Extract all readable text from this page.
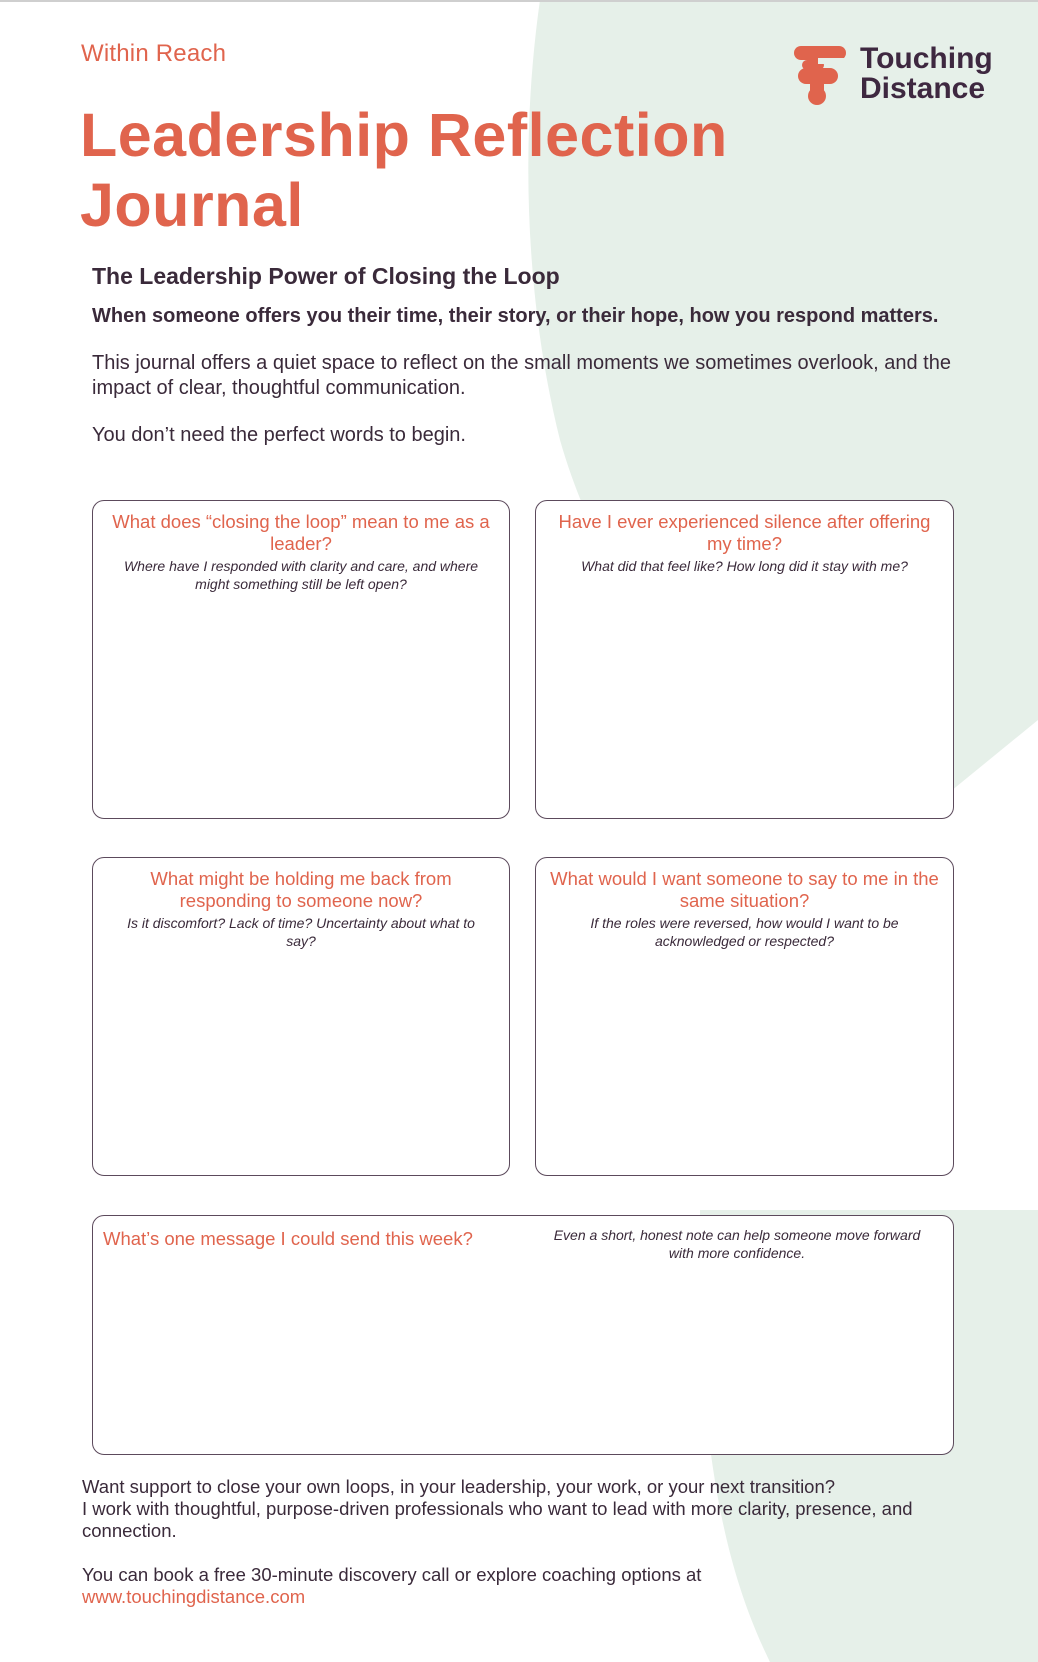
Within Reach
Leadership Reflection
Journal
Touching
Distance
The Leadership Power of Closing the Loop
When someone offers you their time, their story, or their hope, how you respond matters.
This journal offers a quiet space to reflect on the small moments we sometimes overlook, and the impact of clear, thoughtful communication.
You don’t need the perfect words to begin.
What does “closing the loop” mean to me as a leader?
Where have I responded with clarity and care, and where might something still be left open?
Have I ever experienced silence after offering my time?
What did that feel like? How long did it stay with me?
What might be holding me back from responding to someone now?
Is it discomfort? Lack of time? Uncertainty about what to say?
What would I want someone to say to me in the same situation?
If the roles were reversed, how would I want to be acknowledged or respected?
What’s one message I could send this week?	Even a short, honest note can help someone move forward with more confidence.

Want support to close your own loops, in your leadership, your work, or your next transition?

I work with thoughtful, purpose-driven professionals who want to lead with more clarity, presence, and connection.

You can book a free 30-minute discovery call or explore coaching options at

www.touchingdistance.com
